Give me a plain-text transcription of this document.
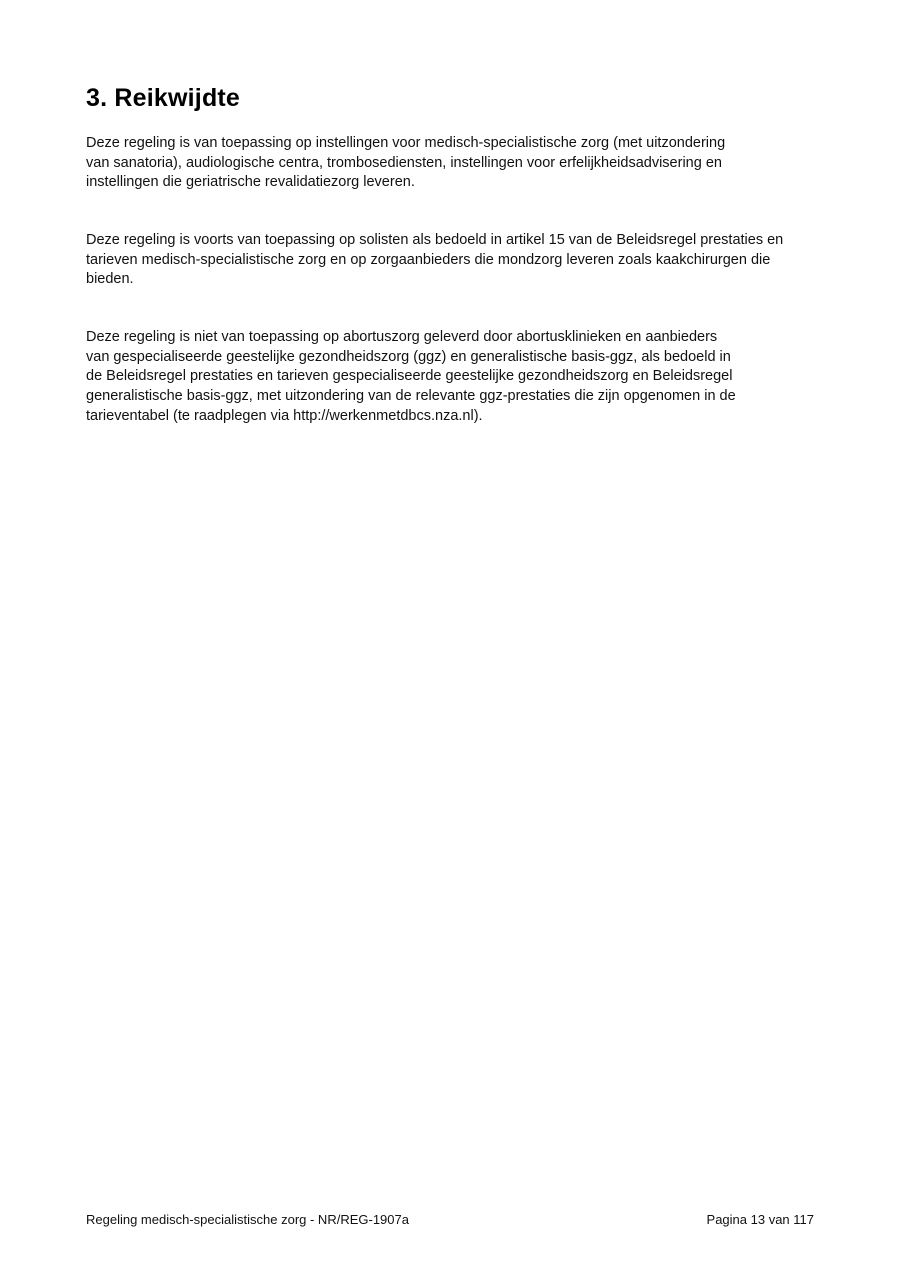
3. Reikwijdte

Deze regeling is van toepassing op instellingen voor medisch-specialistische zorg (met uitzondering
van sanatoria), audiologische centra, trombosediensten, instellingen voor erfelijkheidsadvisering en
instellingen die geriatrische revalidatiezorg leveren.

Deze regeling is voorts van toepassing op solisten als bedoeld in artikel 15 van de Beleidsregel prestaties en
tarieven medisch-specialistische zorg en op zorgaanbieders die mondzorg leveren zoals kaakchirurgen die
bieden.

Deze regeling is niet van toepassing op abortuszorg geleverd door abortusklinieken en aanbieders
van gespecialiseerde geestelijke gezondheidszorg (ggz) en generalistische basis-ggz, als bedoeld in
de Beleidsregel prestaties en tarieven gespecialiseerde geestelijke gezondheidszorg en Beleidsregel
generalistische basis-ggz, met uitzondering van de relevante ggz-prestaties die zijn opgenomen in de
tarieventabel (te raadplegen via http://werkenmetdbcs.nza.nl).

Regeling medisch-specialistische zorg - NR/REG-1907a	Pagina 13 van 117
